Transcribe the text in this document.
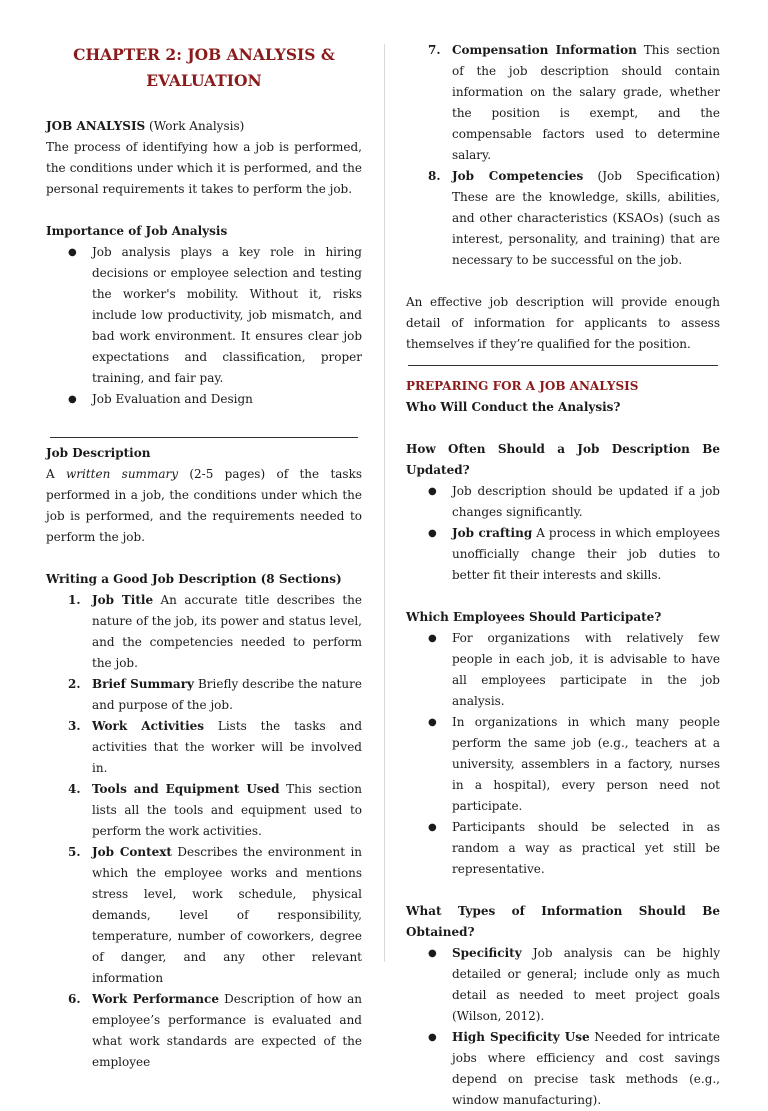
CHAPTER 2: JOB ANALYSIS & EVALUATION

JOB ANALYSIS (Work Analysis)

The process of identifying how a job is performed, the conditions under which it is performed, and the personal requirements it takes to perform the job.

Importance of Job Analysis

● Job analysis plays a key role in hiring decisions or employee selection and testing the worker's mobility. Without it, risks include low productivity, job mismatch, and bad work environment. It ensures clear job expectations and classification, proper training, and fair pay.
● Job Evaluation and Design

Job Description

A written summary (2-5 pages) of the tasks performed in a job, the conditions under which the job is performed, and the requirements needed to perform the job.

Writing a Good Job Description (8 Sections)

1. Job Title An accurate title describes the nature of the job, its power and status level, and the competencies needed to perform the job.
2. Brief Summary Briefly describe the nature and purpose of the job.
3. Work Activities Lists the tasks and activities that the worker will be involved in.
4. Tools and Equipment Used This section lists all the tools and equipment used to perform the work activities.
5. Job Context Describes the environment in which the employee works and mentions stress level, work schedule, physical demands, level of responsibility, temperature, number of coworkers, degree of danger, and any other relevant information
6. Work Performance Description of how an employee’s performance is evaluated and what work standards are expected of the employee
7. Compensation Information This section of the job description should contain information on the salary grade, whether the position is exempt, and the compensable factors used to determine salary.
8. Job Competencies (Job Specification) These are the knowledge, skills, abilities, and other characteristics (KSAOs) (such as interest, personality, and training) that are necessary to be successful on the job.

An effective job description will provide enough detail of information for applicants to assess themselves if they’re qualified for the position.

PREPARING FOR A JOB ANALYSIS

Who Will Conduct the Analysis?

How Often Should a Job Description Be Updated?

● Job description should be updated if a job changes significantly.
● Job crafting A process in which employees unofficially change their job duties to better fit their interests and skills.

Which Employees Should Participate?

● For organizations with relatively few people in each job, it is advisable to have all employees participate in the job analysis.
● In organizations in which many people perform the same job (e.g., teachers at a university, assemblers in a factory, nurses in a hospital), every person need not participate.
● Participants should be selected in as random a way as practical yet still be representative.

What Types of Information Should Be Obtained?

● Specificity Job analysis can be highly detailed or general; include only as much detail as needed to meet project goals (Wilson, 2012).
● High Specificity Use Needed for intricate jobs where efficiency and cost savings depend on precise task methods (e.g., window manufacturing).
